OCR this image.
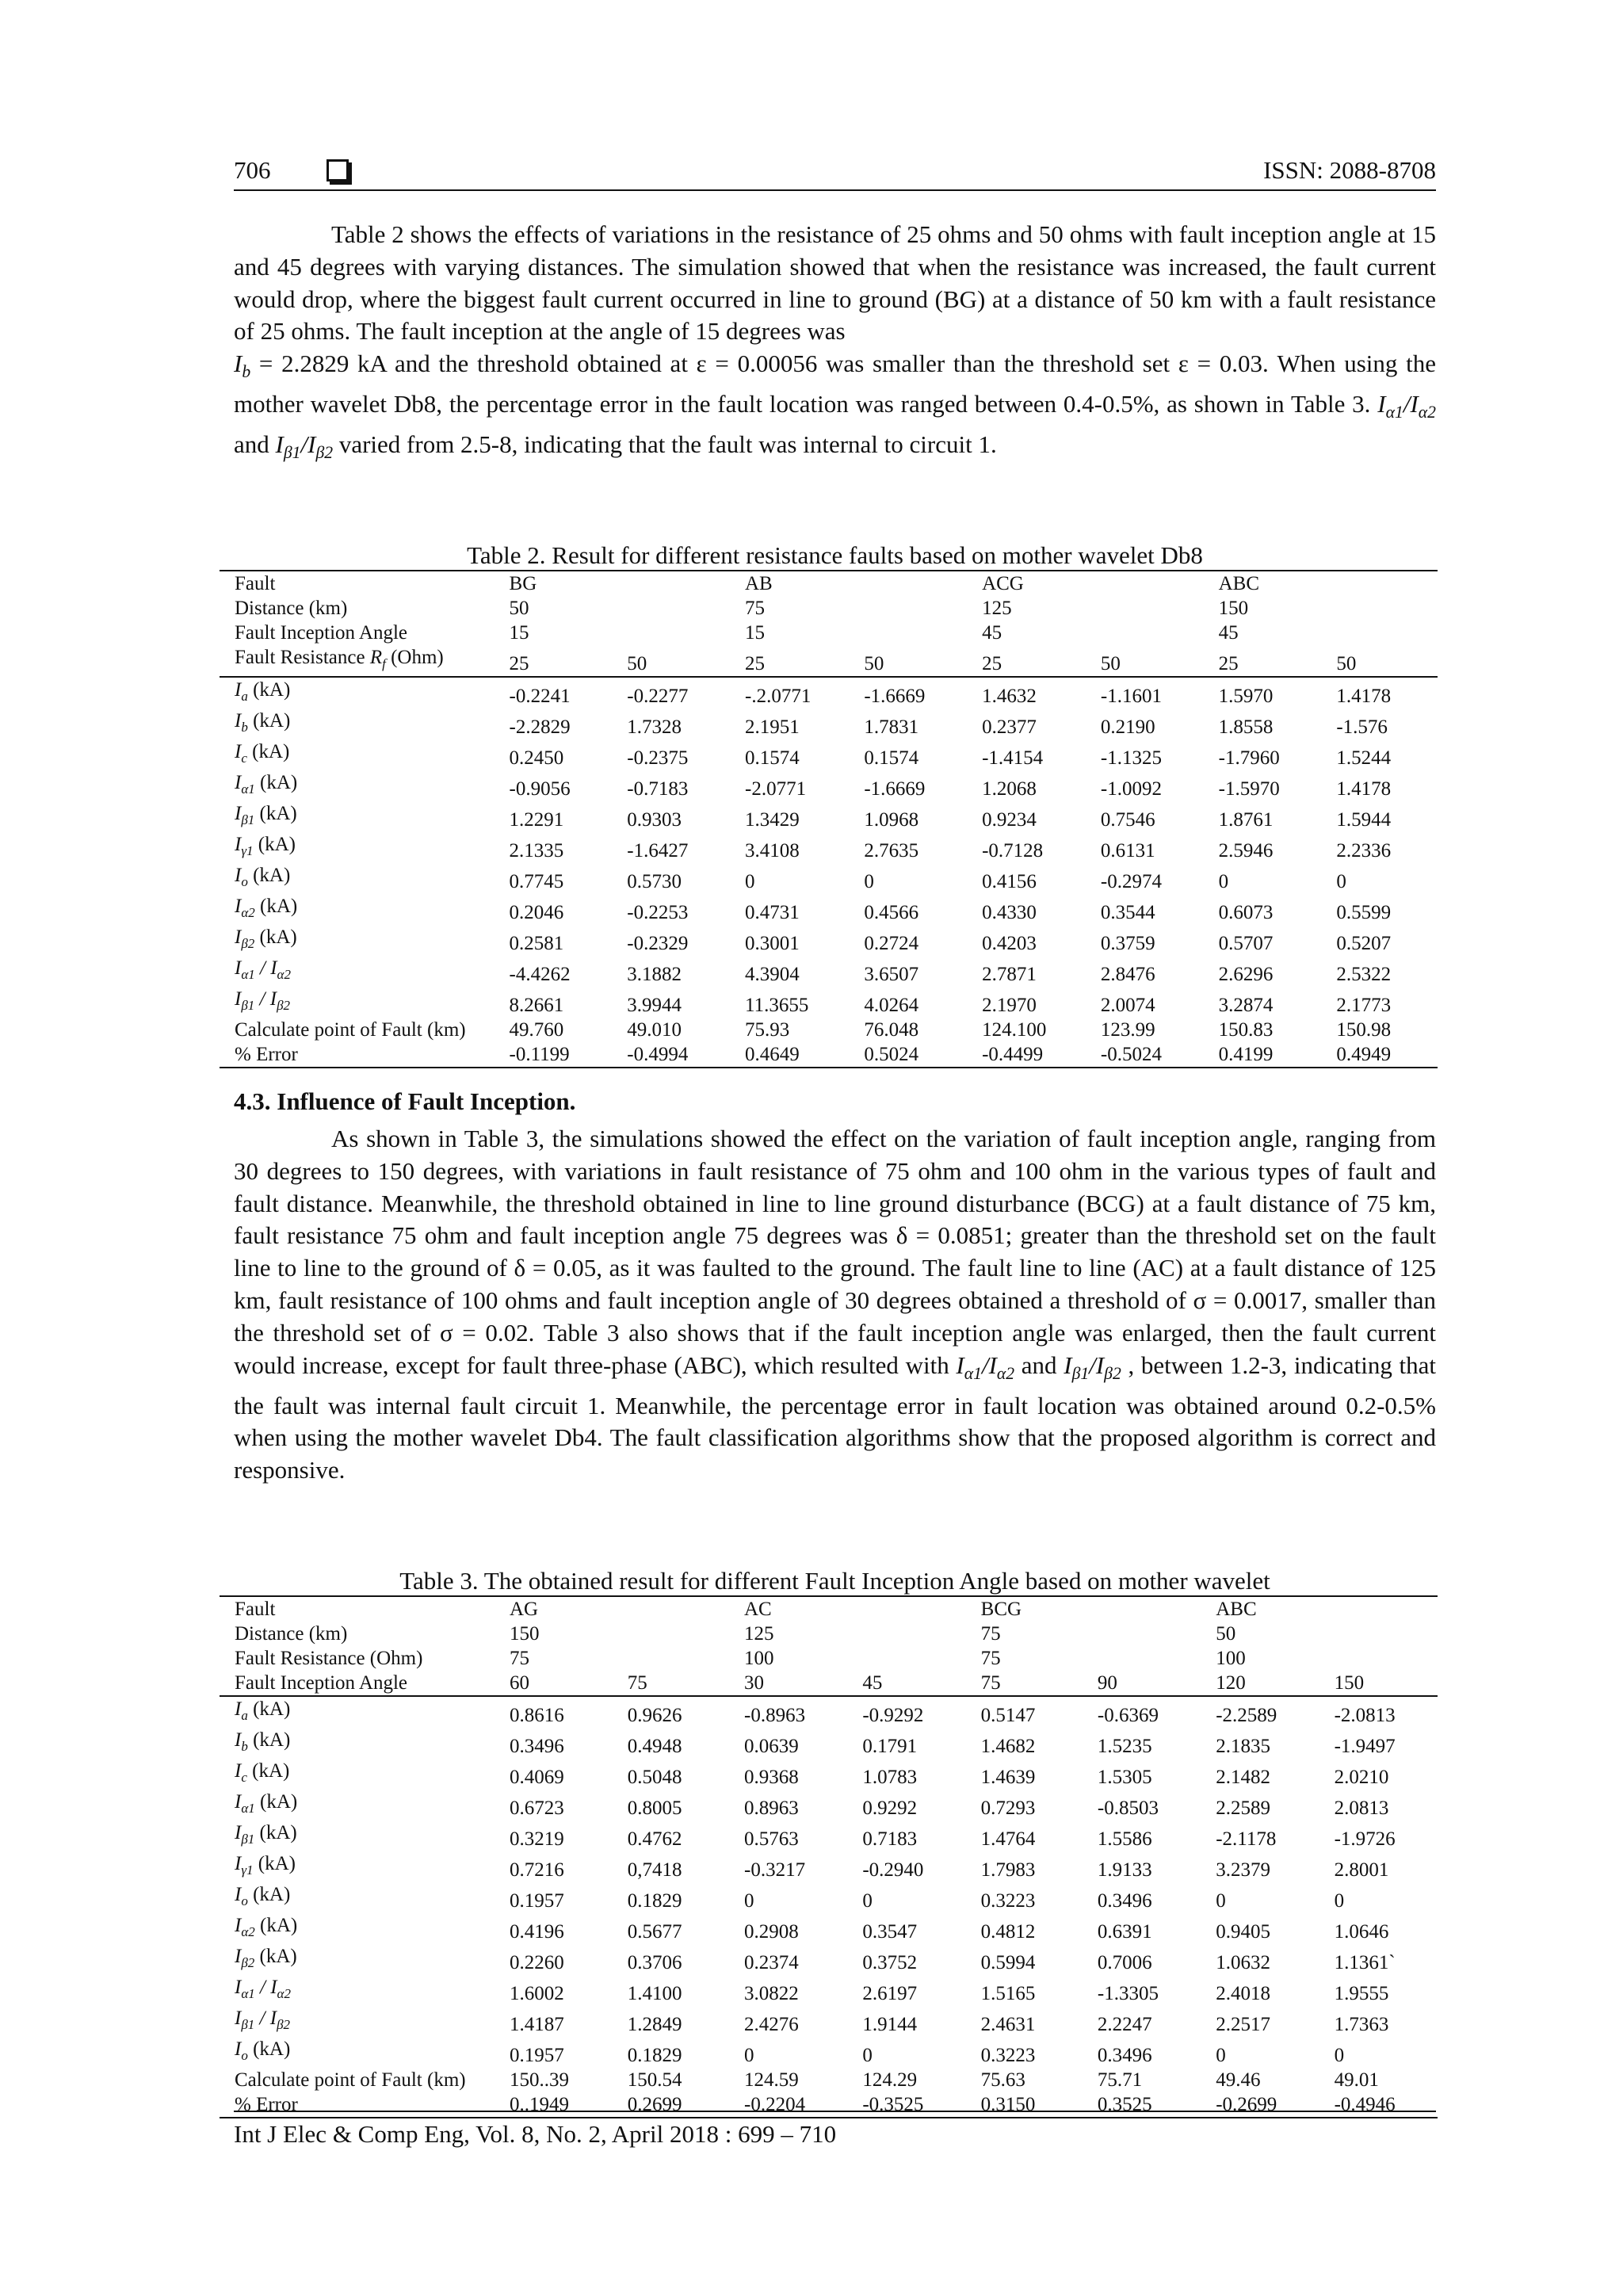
706	ISSN: 2088-8708

Table 2 shows the effects of variations in the resistance of 25 ohms and 50 ohms with fault inception angle at 15 and 45 degrees with varying distances. The simulation showed that when the resistance was increased, the fault current would drop, where the biggest fault current occurred in line to ground (BG) at a distance of 50 km with a fault resistance of 25 ohms. The fault inception at the angle of 15 degrees was
$I_b = 2.2829$ kA and the threshold obtained at ε = 0.00056 was smaller than the threshold set ε = 0.03. When using the mother wavelet Db8, the percentage error in the fault location was ranged between 0.4-0.5%, as shown in Table 3. $I_{\alpha 1}/I_{\alpha 2}$ and $I_{\beta 1}/I_{\beta 2}$ varied from 2.5-8, indicating that the fault was internal to circuit 1.

Table 2. Result for different resistance faults based on mother wavelet Db8
Fault	BG		AB		ACG		ABC	
Distance (km)	50		75		125		150	
Fault Inception Angle	15		15		45		45	
Fault Resistance $R_f$ (Ohm)	25	50	25	50	25	50	25	50
$I_a$ (kA)	-0.2241	-0.2277	-.2.0771	-1.6669	1.4632	-1.1601	1.5970	1.4178
$I_b$ (kA)	-2.2829	1.7328	2.1951	1.7831	0.2377	0.2190	1.8558	-1.576
$I_c$ (kA)	0.2450	-0.2375	0.1574	0.1574	-1.4154	-1.1325	-1.7960	1.5244
$I_{\alpha 1}$ (kA)	-0.9056	-0.7183	-2.0771	-1.6669	1.2068	-1.0092	-1.5970	1.4178
$I_{\beta 1}$ (kA)	1.2291	0.9303	1.3429	1.0968	0.9234	0.7546	1.8761	1.5944
$I_{\gamma 1}$ (kA)	2.1335	-1.6427	3.4108	2.7635	-0.7128	0.6131	2.5946	2.2336
$I_o$ (kA)	0.7745	0.5730	0	0	0.4156	-0.2974	0	0
$I_{\alpha 2}$ (kA)	0.2046	-0.2253	0.4731	0.4566	0.4330	0.3544	0.6073	0.5599
$I_{\beta 2}$ (kA)	0.2581	-0.2329	0.3001	0.2724	0.4203	0.3759	0.5707	0.5207
$I_{\alpha 1} / I_{\alpha 2}$	-4.4262	3.1882	4.3904	3.6507	2.7871	2.8476	2.6296	2.5322
$I_{\beta 1} / I_{\beta 2}$	8.2661	3.9944	11.3655	4.0264	2.1970	2.0074	3.2874	2.1773
Calculate point of Fault (km)	49.760	49.010	75.93	76.048	124.100	123.99	150.83	150.98
% Error	-0.1199	-0.4994	0.4649	0.5024	-0.4499	-0.5024	0.4199	0.4949
4.3. Influence of Fault Inception.

As shown in Table 3, the simulations showed the effect on the variation of fault inception angle, ranging from 30 degrees to 150 degrees, with variations in fault resistance of 75 ohm and 100 ohm in the various types of fault and fault distance. Meanwhile, the threshold obtained in line to line ground disturbance (BCG) at a fault distance of 75 km, fault resistance 75 ohm and fault inception angle 75 degrees was δ = 0.0851; greater than the threshold set on the fault line to line to the ground of δ = 0.05, as it was faulted to the ground. The fault line to line (AC) at a fault distance of 125 km, fault resistance of 100 ohms and fault inception angle of 30 degrees obtained a threshold of σ = 0.0017, smaller than the threshold set of σ = 0.02. Table 3 also shows that if the fault inception angle was enlarged, then the fault current would increase, except for fault three-phase (ABC), which resulted with $I_{\alpha 1}/I_{\alpha 2}$ and $I_{\beta 1}/I_{\beta 2}$ , between 1.2-3, indicating that the fault was internal fault circuit 1. Meanwhile, the percentage error in fault location was obtained around 0.2-0.5% when using the mother wavelet Db4. The fault classification algorithms show that the proposed algorithm is correct and responsive.

Table 3. The obtained result for different Fault Inception Angle based on mother wavelet
Fault	AG		AC		BCG		ABC	
Distance (km)	150		125		75		50	
Fault Resistance (Ohm)	75		100		75		100	
Fault Inception Angle	60	75	30	45	75	90	120	150
$I_a$ (kA)	0.8616	0.9626	-0.8963	-0.9292	0.5147	-0.6369	-2.2589	-2.0813
$I_b$ (kA)	0.3496	0.4948	0.0639	0.1791	1.4682	1.5235	2.1835	-1.9497
$I_c$ (kA)	0.4069	0.5048	0.9368	1.0783	1.4639	1.5305	2.1482	2.0210
$I_{\alpha 1}$ (kA)	0.6723	0.8005	0.8963	0.9292	0.7293	-0.8503	2.2589	2.0813
$I_{\beta 1}$ (kA)	0.3219	0.4762	0.5763	0.7183	1.4764	1.5586	-2.1178	-1.9726
$I_{\gamma 1}$ (kA)	0.7216	0,7418	-0.3217	-0.2940	1.7983	1.9133	3.2379	2.8001
$I_o$ (kA)	0.1957	0.1829	0	0	0.3223	0.3496	0	0
$I_{\alpha 2}$ (kA)	0.4196	0.5677	0.2908	0.3547	0.4812	0.6391	0.9405	1.0646
$I_{\beta 2}$ (kA)	0.2260	0.3706	0.2374	0.3752	0.5994	0.7006	1.0632	1.1361`
$I_{\alpha 1} / I_{\alpha 2}$	1.6002	1.4100	3.0822	2.6197	1.5165	-1.3305	2.4018	1.9555
$I_{\beta 1} / I_{\beta 2}$	1.4187	1.2849	2.4276	1.9144	2.4631	2.2247	2.2517	1.7363
$I_o$ (kA)	0.1957	0.1829	0	0	0.3223	0.3496	0	0
Calculate point of Fault (km)	150..39	150.54	124.59	124.29	75.63	75.71	49.46	49.01
% Error	0..1949	0.2699	-0.2204	-0.3525	0.3150	0.3525	-0.2699	-0.4946
Int J Elec & Comp Eng, Vol. 8, No. 2, April 2018 : 699 – 710
